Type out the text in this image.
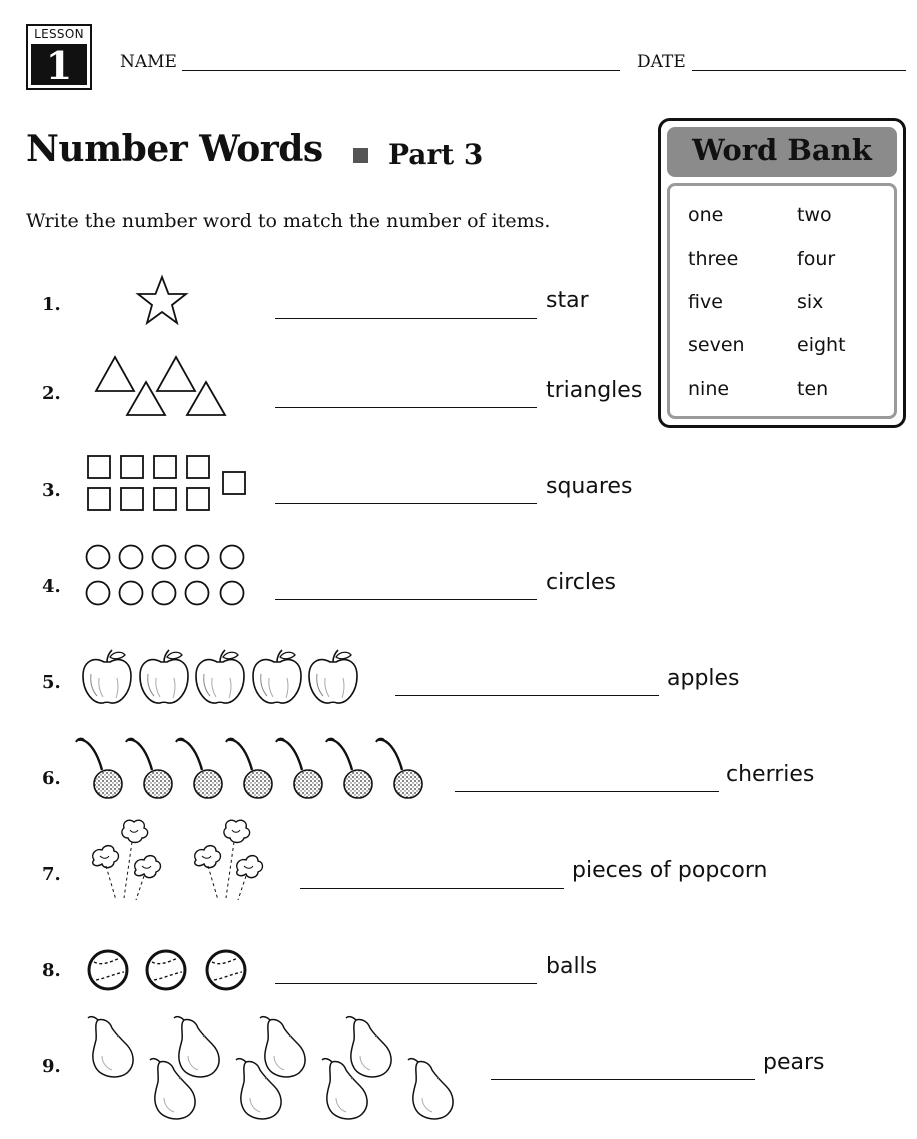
LESSON
1	NAME	DATE
Number Words Part 3
Write the number word to match the number of items.
Word Bank
one	two
three	four
five	six
seven	eight
nine	ten
1.	star
2.	triangles
3.	squares
4.	circles
5.	apples
6.	cherries
7.	pieces of popcorn
8.	balls
9.	pears
